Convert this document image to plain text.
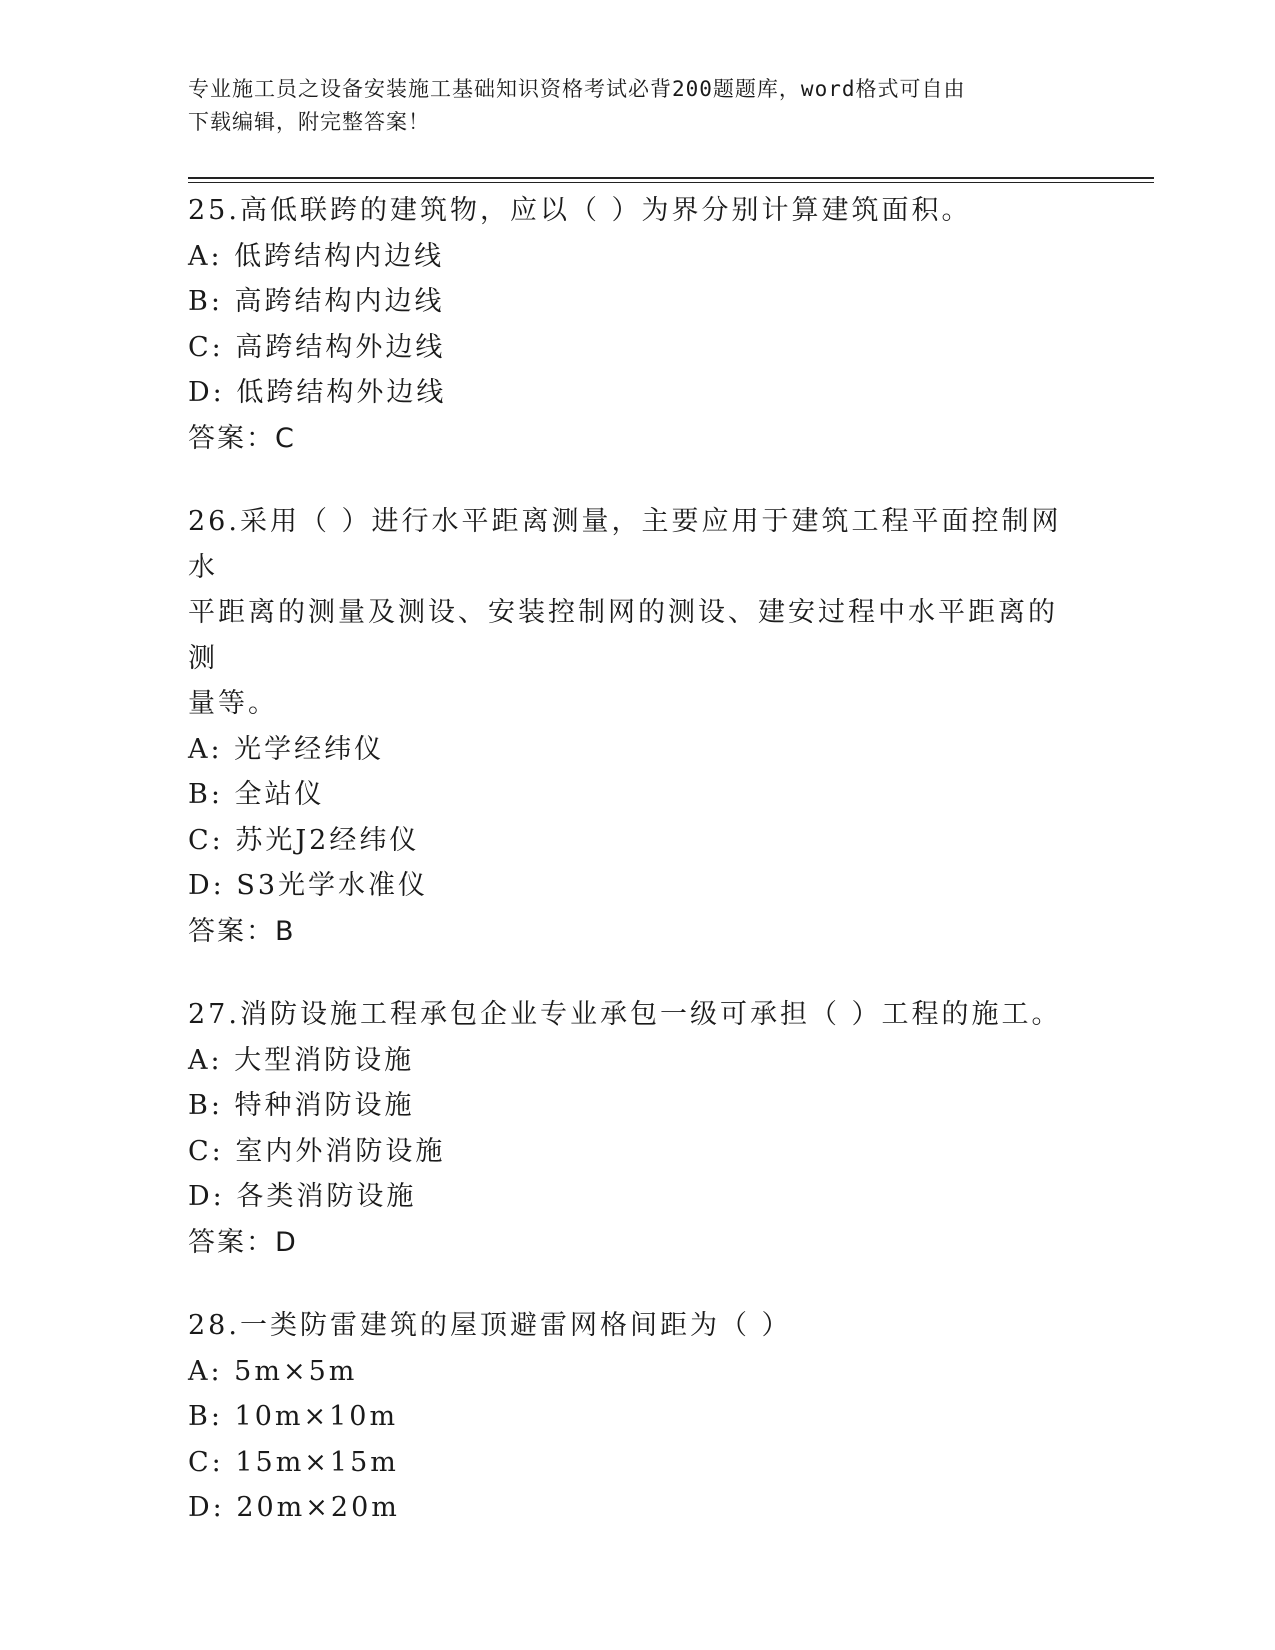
专业施工员之设备安装施工基础知识资格考试必背200题题库，word格式可自由
下载编辑，附完整答案！
25.高低联跨的建筑物，应以（ ）为界分别计算建筑面积。
A: 低跨结构内边线
B: 高跨结构内边线
C: 高跨结构外边线
D: 低跨结构外边线
答案：C
26.采用（ ）进行水平距离测量，主要应用于建筑工程平面控制网水
平距离的测量及测设、安装控制网的测设、建安过程中水平距离的测
量等。
A: 光学经纬仪
B: 全站仪
C: 苏光J2经纬仪
D: S3光学水准仪
答案：B
27.消防设施工程承包企业专业承包一级可承担（ ）工程的施工。
A: 大型消防设施
B: 特种消防设施
C: 室内外消防设施
D: 各类消防设施
答案：D
28.一类防雷建筑的屋顶避雷网格间距为（ ）
A: 5m×5m
B: 10m×10m
C: 15m×15m
D: 20m×20m
